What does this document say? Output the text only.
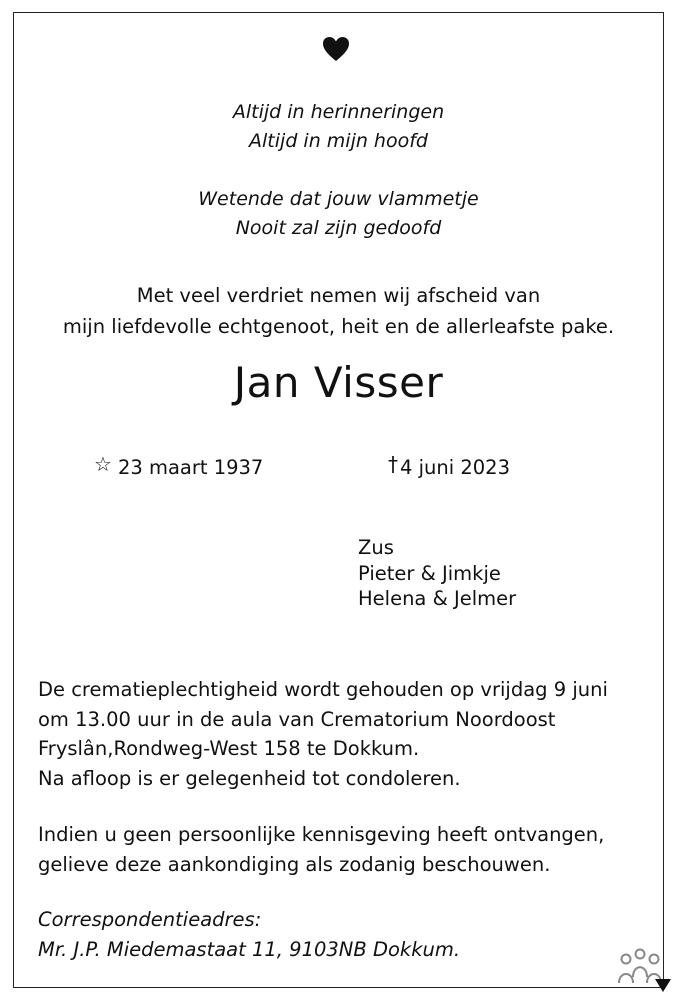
Altijd in herinneringen
Altijd in mijn hoofd
Wetende dat jouw vlammetje
Nooit zal zijn gedoofd
Met veel verdriet nemen wij afscheid van
mijn liefdevolle echtgenoot, heit en de allerleafste pake.
Jan Visser
☆ 23 maart 1937	† 4 juni 2023
Zus
Pieter & Jimkje
Helena & Jelmer
De crematieplechtigheid wordt gehouden op vrijdag 9 juni
om 13.00 uur in de aula van Crematorium Noordoost
Fryslân,Rondweg-West 158 te Dokkum.
Na afloop is er gelegenheid tot condoleren.
Indien u geen persoonlijke kennisgeving heeft ontvangen,
gelieve deze aankondiging als zodanig beschouwen.
Correspondentieadres:
Mr. J.P. Miedemastaat 11, 9103NB Dokkum.
